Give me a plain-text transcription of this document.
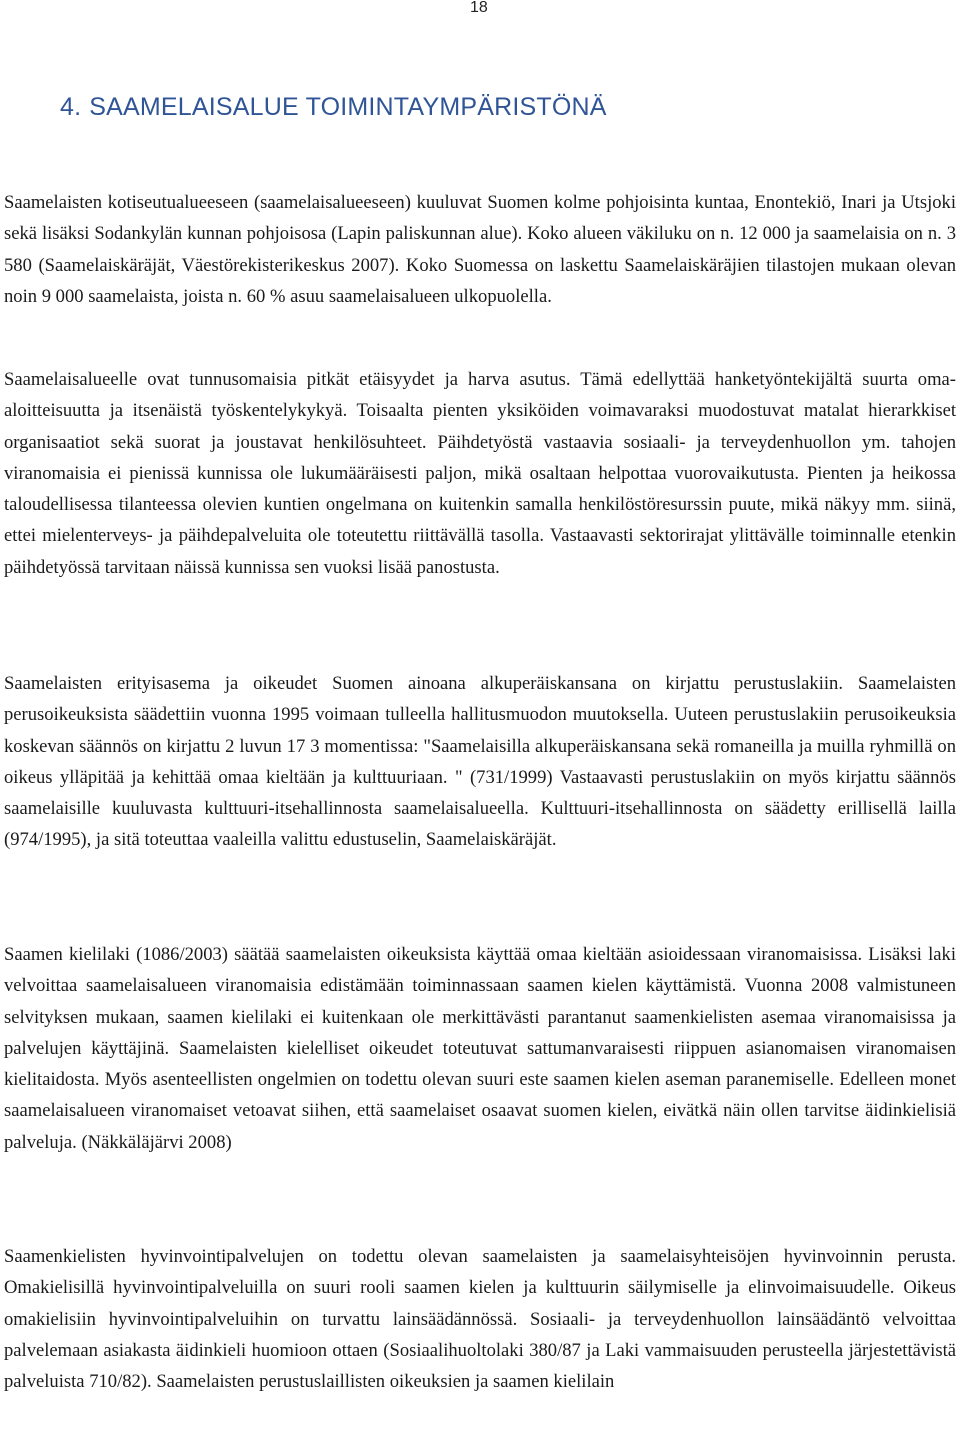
18
4. SAAMELAISALUE TOIMINTAYMPÄRISTÖNÄ

Saamelaisten kotiseutualueeseen (saamelaisalueeseen) kuuluvat Suomen kolme pohjoisinta kuntaa, Enontekiö, Inari ja Utsjoki sekä lisäksi Sodankylän kunnan pohjoisosa (Lapin paliskunnan alue). Koko alueen väkiluku on n. 12 000 ja saamelaisia on n. 3 580 (Saamelaiskäräjät, Väestörekisterikeskus 2007). Koko Suomessa on laskettu Saamelaiskäräjien tilastojen mukaan olevan noin 9 000 saamelaista, joista n. 60 % asuu saamelaisalueen ulkopuolella.

Saamelaisalueelle ovat tunnusomaisia pitkät etäisyydet ja harva asutus. Tämä edellyttää hanketyöntekijältä suurta oma-aloitteisuutta ja itsenäistä työskentelykykyä. Toisaalta pienten yksiköiden voimavaraksi muodostuvat matalat hierarkkiset organisaatiot sekä suorat ja joustavat henkilösuhteet. Päihdetyöstä vastaavia sosiaali- ja terveydenhuollon ym. tahojen viranomaisia ei pienissä kunnissa ole lukumääräisesti paljon, mikä osaltaan helpottaa vuorovaikutusta. Pienten ja heikossa taloudellisessa tilanteessa olevien kuntien ongelmana on kuitenkin samalla henkilöstöresurssin puute, mikä näkyy mm. siinä, ettei mielenterveys- ja päihdepalveluita ole toteutettu riittävällä tasolla. Vastaavasti sektorirajat ylittävälle toiminnalle etenkin päihdetyössä tarvitaan näissä kunnissa sen vuoksi lisää panostusta.

Saamelaisten erityisasema ja oikeudet Suomen ainoana alkuperäiskansana on kirjattu perustuslakiin. Saamelaisten perusoikeuksista säädettiin vuonna 1995 voimaan tulleella hallitusmuodon muutoksella. Uuteen perustuslakiin perusoikeuksia koskevan säännös on kirjattu 2 luvun 17 3 momentissa: "Saamelaisilla alkuperäiskansana sekä romaneilla ja muilla ryhmillä on oikeus ylläpitää ja kehittää omaa kieltään ja kulttuuriaan. " (731/1999) Vastaavasti perustuslakiin on myös kirjattu säännös saamelaisille kuuluvasta kulttuuri-itsehallinnosta saamelaisalueella. Kulttuuri-itsehallinnosta on säädetty erillisellä lailla (974/1995), ja sitä toteuttaa vaaleilla valittu edustuselin, Saamelaiskäräjät.

Saamen kielilaki (1086/2003) säätää saamelaisten oikeuksista käyttää omaa kieltään asioidessaan viranomaisissa. Lisäksi laki velvoittaa saamelaisalueen viranomaisia edistämään toiminnassaan saamen kielen käyttämistä. Vuonna 2008 valmistuneen selvityksen mukaan, saamen kielilaki ei kuitenkaan ole merkittävästi parantanut saamenkielisten asemaa viranomaisissa ja palvelujen käyttäjinä. Saamelaisten kielelliset oikeudet toteutuvat sattumanvaraisesti riippuen asianomaisen viranomaisen kielitaidosta. Myös asenteellisten ongelmien on todettu olevan suuri este saamen kielen aseman paranemiselle. Edelleen monet saamelaisalueen viranomaiset vetoavat siihen, että saamelaiset osaavat suomen kielen, eivätkä näin ollen tarvitse äidinkielisiä palveluja. (Näkkäläjärvi 2008)

Saamenkielisten hyvinvointipalvelujen on todettu olevan saamelaisten ja saamelaisyhteisöjen hyvinvoinnin perusta. Omakielisillä hyvinvointipalveluilla on suuri rooli saamen kielen ja kulttuurin säilymiselle ja elinvoimaisuudelle. Oikeus omakielisiin hyvinvointipalveluihin on turvattu lainsäädännössä. Sosiaali- ja terveydenhuollon lainsäädäntö velvoittaa palvelemaan asiakasta äidinkieli huomioon ottaen (Sosiaalihuoltolaki 380/87 ja Laki vammaisuuden perusteella järjestettävistä palveluista 710/82). Saamelaisten perustuslaillisten oikeuksien ja saamen kielilain
